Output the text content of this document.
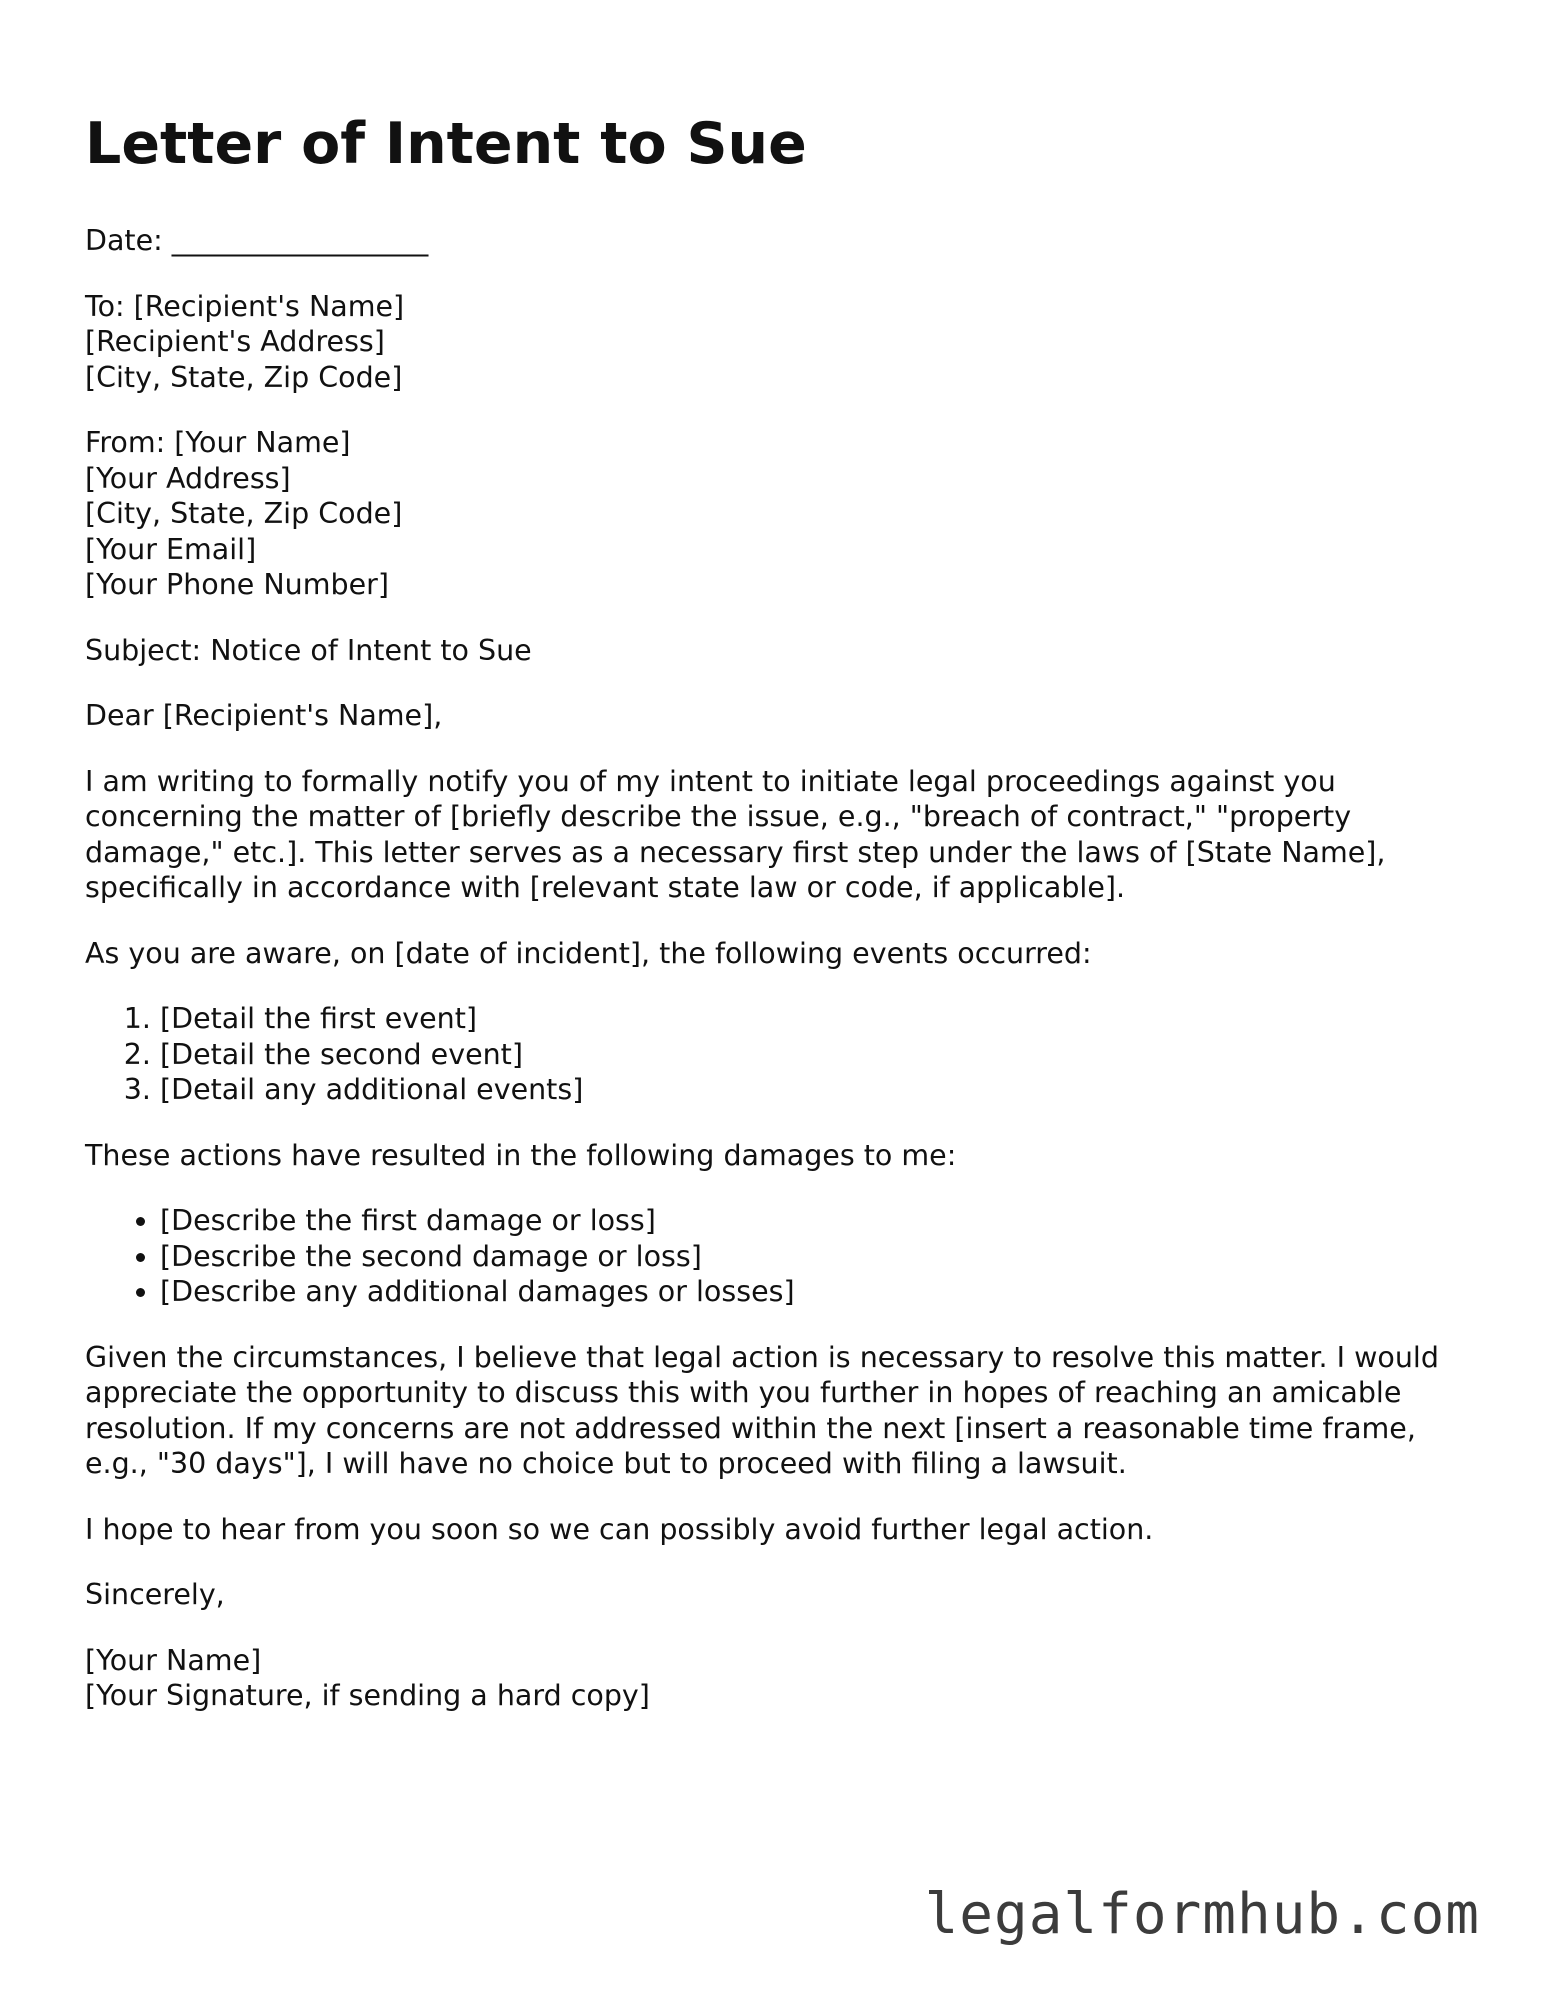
Letter of Intent to Sue
Date: __________________
To: [Recipient's Name]
[Recipient's Address]
[City, State, Zip Code]
From: [Your Name]
[Your Address]
[City, State, Zip Code]
[Your Email]
[Your Phone Number]
Subject: Notice of Intent to Sue
Dear [Recipient's Name],

I am writing to formally notify you of my intent to initiate legal proceedings against you concerning the matter of [briefly describe the issue, e.g., "breach of contract," "property damage," etc.]. This letter serves as a necessary first step under the laws of [State Name], specifically in accordance with [relevant state law or code, if applicable].

As you are aware, on [date of incident], the following events occurred:

1. [Detail the first event]
2. [Detail the second event]
3. [Detail any additional events]

These actions have resulted in the following damages to me:

• [Describe the first damage or loss]
• [Describe the second damage or loss]
• [Describe any additional damages or losses]

Given the circumstances, I believe that legal action is necessary to resolve this matter. I would appreciate the opportunity to discuss this with you further in hopes of reaching an amicable resolution. If my concerns are not addressed within the next [insert a reasonable time frame, e.g., "30 days"], I will have no choice but to proceed with filing a lawsuit.

I hope to hear from you soon so we can possibly avoid further legal action.

Sincerely,
[Your Name]
[Your Signature, if sending a hard copy]
legalformhub.com
